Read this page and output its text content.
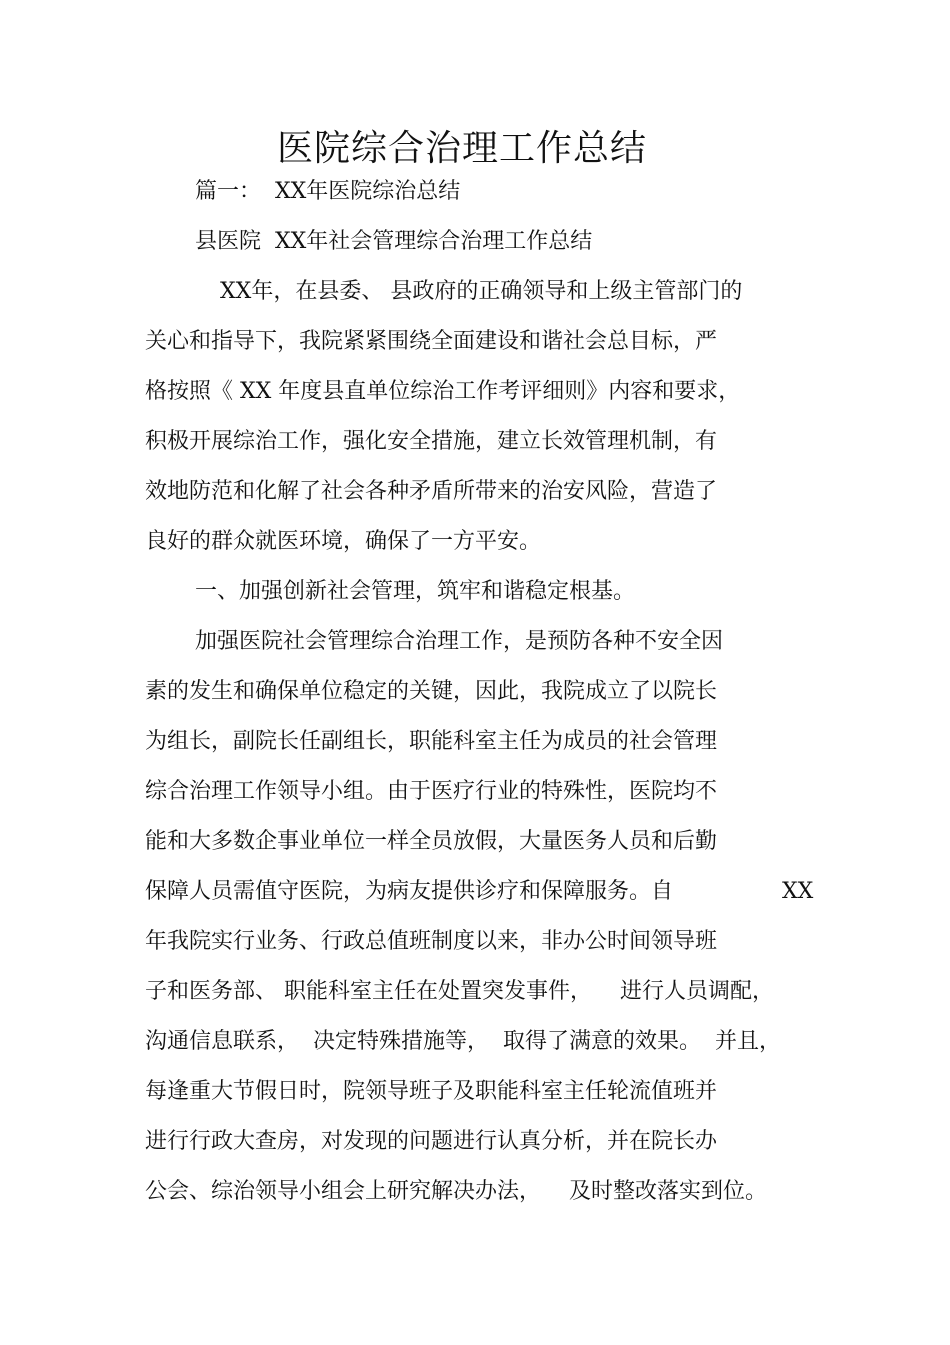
医院综合治理工作总结
篇一：  XX年医院综治总结
县医院  XX年社会管理综合治理工作总结
XX年，在县委、 县政府的正确领导和上级主管部门的
关心和指导下，我院紧紧围绕全面建设和谐社会总目标，严
格按照《 XX 年度县直单位综治工作考评细则》内容和要求，
积极开展综治工作，强化安全措施，建立长效管理机制，有
效地防范和化解了社会各种矛盾所带来的治安风险，营造了
良好的群众就医环境，确保了一方平安。
一、加强创新社会管理，筑牢和谐稳定根基。
加强医院社会管理综合治理工作，是预防各种不安全因
素的发生和确保单位稳定的关键，因此，我院成立了以院长
为组长，副院长任副组长，职能科室主任为成员的社会管理
综合治理工作领导小组。由于医疗行业的特殊性，医院均不
能和大多数企事业单位一样全员放假，大量医务人员和后勤
保障人员需值守医院，为病友提供诊疗和保障服务。自	XX
年我院实行业务、行政总值班制度以来，非办公时间领导班
子和医务部、 职能科室主任在处置突发事件，    进行人员调配，
沟通信息联系，  决定特殊措施等，  取得了满意的效果。  并且，
每逢重大节假日时，院领导班子及职能科室主任轮流值班并
进行行政大查房，对发现的问题进行认真分析，并在院长办
公会、综治领导小组会上研究解决办法，    及时整改落实到位。
